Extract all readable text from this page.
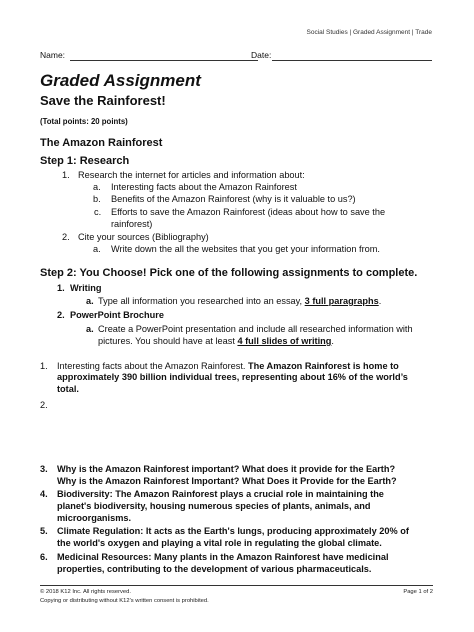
Social Studies | Graded Assignment | Trade
Name:	Date:
Graded Assignment
Save the Rainforest!
(Total points: 20 points)
The Amazon Rainforest
Step 1: Research
1. Research the internet for articles and information about:
a. Interesting facts about the Amazon Rainforest
b. Benefits of the Amazon Rainforest (why is it valuable to us?)
c. Efforts to save the Amazon Rainforest (ideas about how to save the
rainforest)
2. Cite your sources (Bibliography)
a. Write down the all the websites that you get your information from.
Step 2: You Choose! Pick one of the following assignments to complete.
1. Writing
a. Type all information you researched into an essay, 3 full paragraphs.
2. PowerPoint Brochure
a. Create a PowerPoint presentation and include all researched information with
pictures. You should have at least 4 full slides of writing.
1. Interesting facts about the Amazon Rainforest. The Amazon Rainforest is home to
approximately 390 billion individual trees, representing about 16% of the world’s
total.
2.
3. Why is the Amazon Rainforest important? What does it provide for the Earth?
Why is the Amazon Rainforest Important? What Does it Provide for the Earth?
4. Biodiversity: The Amazon Rainforest plays a crucial role in maintaining the
planet's biodiversity, housing numerous species of plants, animals, and
microorganisms.
5. Climate Regulation: It acts as the Earth's lungs, producing approximately 20% of
the world's oxygen and playing a vital role in regulating the global climate.
6. Medicinal Resources: Many plants in the Amazon Rainforest have medicinal
properties, contributing to the development of various pharmaceuticals.
© 2018 K12 Inc. All rights reserved.
Copying or distributing without K12’s written consent is prohibited.
Page 1 of 2
